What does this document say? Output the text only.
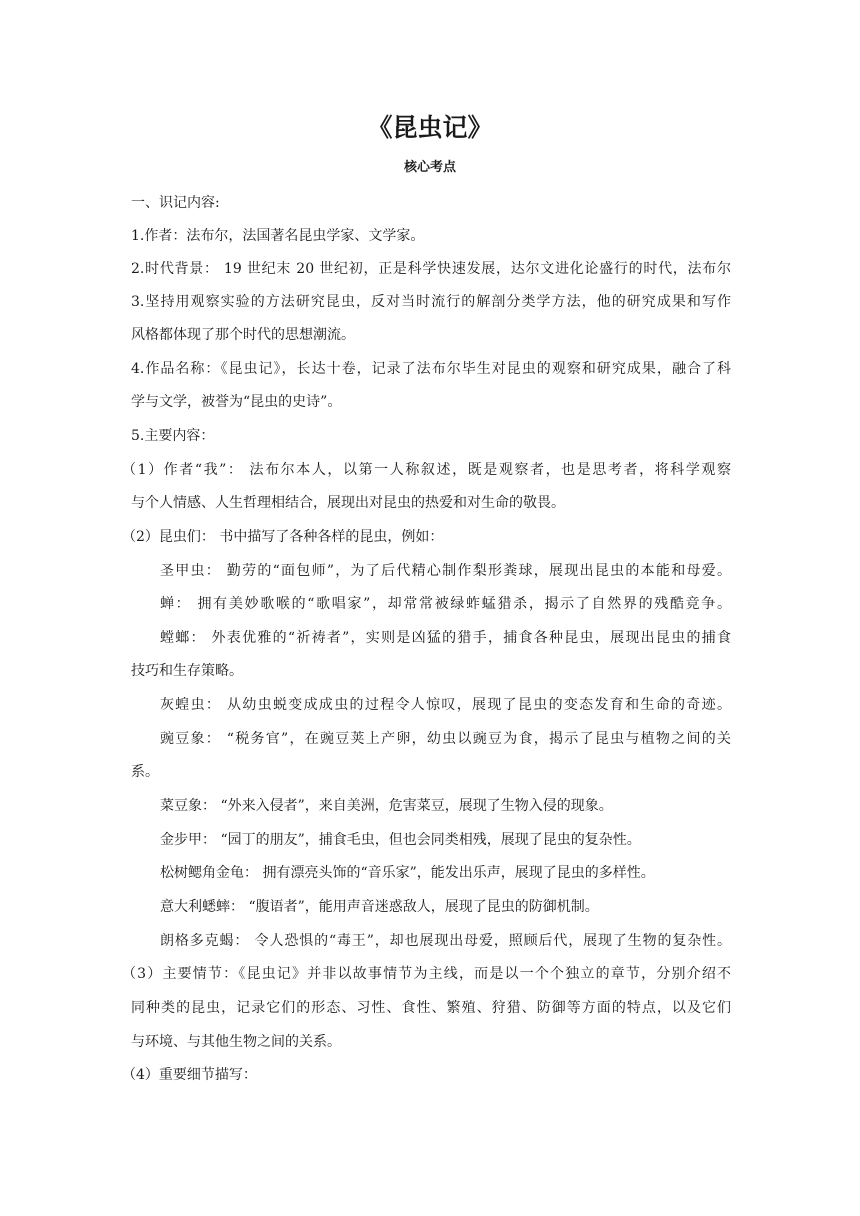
《昆虫记》
核心考点
一、识记内容:
1.作者：法布尔，法国著名昆虫学家、文学家。
2.时代背景： 19 世纪末 20 世纪初，正是科学快速发展，达尔文进化论盛行的时代，法布尔
3.坚持用观察实验的方法研究昆虫，反对当时流行的解剖分类学方法，他的研究成果和写作
风格都体现了那个时代的思想潮流。
4.作品名称：《昆虫记》，长达十卷，记录了法布尔毕生对昆虫的观察和研究成果，融合了科
学与文学，被誉为“昆虫的史诗”。
5.主要内容：
（1）作者“我”： 法布尔本人，以第一人称叙述，既是观察者，也是思考者，将科学观察
与个人情感、人生哲理相结合，展现出对昆虫的热爱和对生命的敬畏。
（2）昆虫们： 书中描写了各种各样的昆虫，例如：
圣甲虫： 勤劳的“面包师”，为了后代精心制作梨形粪球，展现出昆虫的本能和母爱。
蝉： 拥有美妙歌喉的“歌唱家”，却常常被绿蚱蜢猎杀，揭示了自然界的残酷竞争。
螳螂： 外表优雅的“祈祷者”，实则是凶猛的猎手，捕食各种昆虫，展现出昆虫的捕食
技巧和生存策略。
灰蝗虫： 从幼虫蜕变成成虫的过程令人惊叹，展现了昆虫的变态发育和生命的奇迹。
豌豆象： “税务官”，在豌豆荚上产卵，幼虫以豌豆为食，揭示了昆虫与植物之间的关
系。
菜豆象： “外来入侵者”，来自美洲，危害菜豆，展现了生物入侵的现象。
金步甲： “园丁的朋友”，捕食毛虫，但也会同类相残，展现了昆虫的复杂性。
松树鳃角金龟： 拥有漂亮头饰的“音乐家”，能发出乐声，展现了昆虫的多样性。
意大利蟋蟀： “腹语者”，能用声音迷惑敌人，展现了昆虫的防御机制。
朗格多克蝎： 令人恐惧的“毒王”，却也展现出母爱，照顾后代，展现了生物的复杂性。
（3）主要情节：《昆虫记》并非以故事情节为主线，而是以一个个独立的章节，分别介绍不
同种类的昆虫，记录它们的形态、习性、食性、繁殖、狩猎、防御等方面的特点，以及它们
与环境、与其他生物之间的关系。
（4）重要细节描写：
